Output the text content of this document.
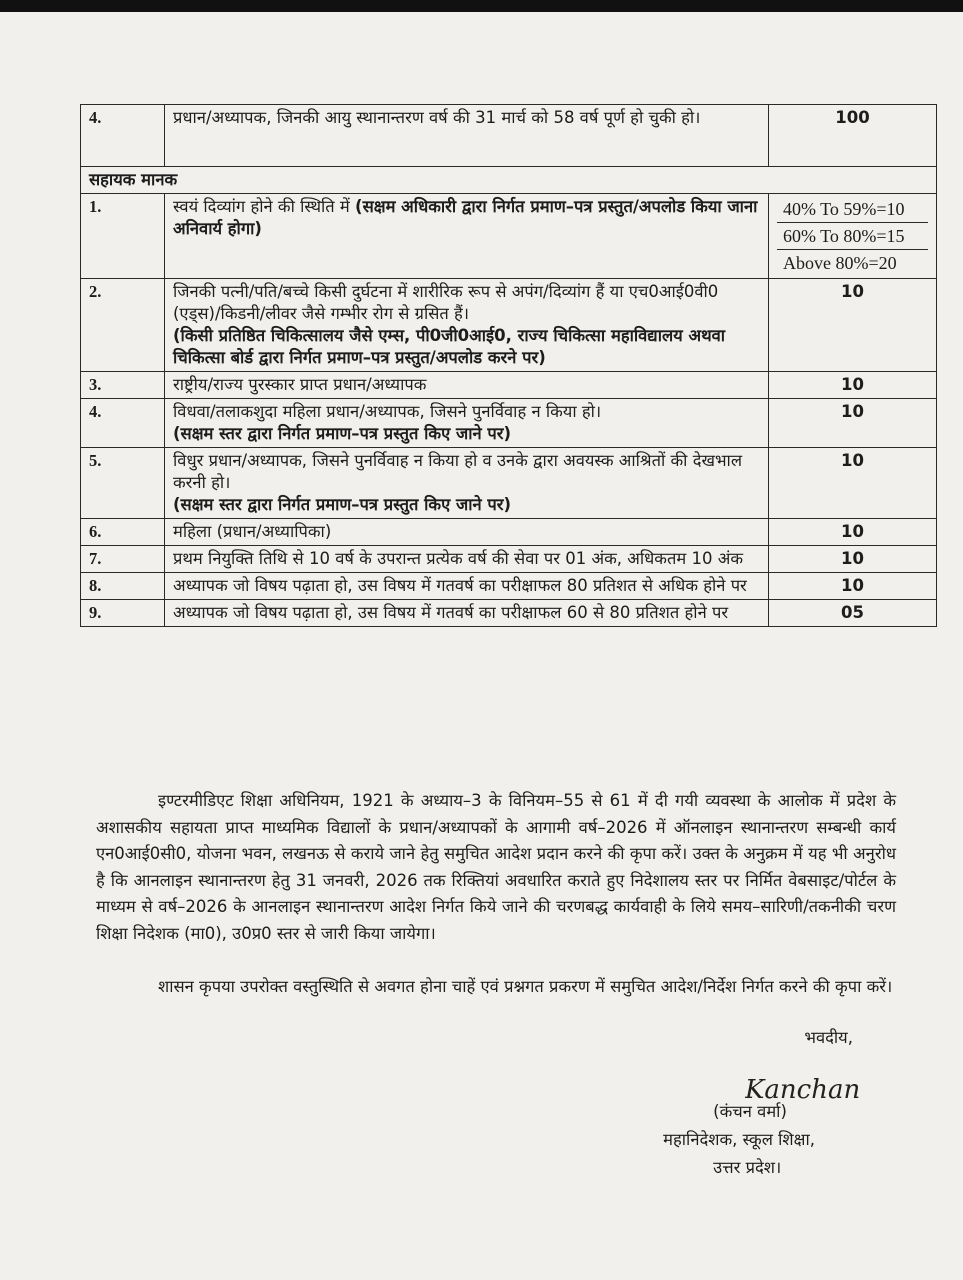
4.	प्रधान/अध्यापक, जिनकी आयु स्थानान्तरण वर्ष की 31 मार्च को 58 वर्ष पूर्ण हो चुकी हो।	100
सहायक मानक		
1.	स्वयं दिव्यांग होने की स्थिति में (सक्षम अधिकारी द्वारा निर्गत प्रमाण–पत्र प्रस्तुत/अपलोड किया जाना अनिवार्य होगा)	40% To 59%=10
60% To 80%=15
Above 80%=20

2.	जिनकी पत्नी/पति/बच्चे किसी दुर्घटना में शारीरिक रूप से अपंग/दिव्यांग हैं या एच0आई0वी0 (एड्स)/किडनी/लीवर जैसे गम्भीर रोग से ग्रसित हैं।
(किसी प्रतिष्ठित चिकित्सालय जैसे एम्स, पी0जी0आई0, राज्य चिकित्सा महाविद्यालय अथवा चिकित्सा बोर्ड द्वारा निर्गत प्रमाण–पत्र प्रस्तुत/अपलोड करने पर)	10
3.	राष्ट्रीय/राज्य पुरस्कार प्राप्त प्रधान/अध्यापक	10
4.	विधवा/तलाकशुदा महिला प्रधान/अध्यापक, जिसने पुनर्विवाह न किया हो।
(सक्षम स्तर द्वारा निर्गत प्रमाण–पत्र प्रस्तुत किए जाने पर)	10
5.	विधुर प्रधान/अध्यापक, जिसने पुनर्विवाह न किया हो व उनके द्वारा अवयस्क आश्रितों की देखभाल करनी हो।
(सक्षम स्तर द्वारा निर्गत प्रमाण–पत्र प्रस्तुत किए जाने पर)	10
6.	महिला (प्रधान/अध्यापिका)	10
7.	प्रथम नियुक्ति तिथि से 10 वर्ष के उपरान्त प्रत्येक वर्ष की सेवा पर 01 अंक, अधिकतम 10 अंक	10
8.	अध्यापक जो विषय पढ़ाता हो, उस विषय में गतवर्ष का परीक्षाफल 80 प्रतिशत से अधिक होने पर	10
9.	अध्यापक जो विषय पढ़ाता हो, उस विषय में गतवर्ष का परीक्षाफल 60 से 80 प्रतिशत होने पर	05
इण्टरमीडिएट शिक्षा अधिनियम, 1921 के अध्याय–3 के विनियम–55 से 61 में दी गयी व्यवस्था के आलोक में प्रदेश के अशासकीय सहायता प्राप्त माध्यमिक विद्यालों के प्रधान/अध्यापकों के आगामी वर्ष–2026 में ऑनलाइन स्थानान्तरण सम्बन्धी कार्य एन0आई0सी0, योजना भवन, लखनऊ से कराये जाने हेतु समुचित आदेश प्रदान करने की कृपा करें। उक्त के अनुक्रम में यह भी अनुरोध है कि आनलाइन स्थानान्तरण हेतु 31 जनवरी, 2026 तक रिक्तियां अवधारित कराते हुए निदेशालय स्तर पर निर्मित वेबसाइट/पोर्टल के माध्यम से वर्ष–2026 के आनलाइन स्थानान्तरण आदेश निर्गत किये जाने की चरणबद्ध कार्यवाही के लिये समय–सारिणी/तकनीकी चरण शिक्षा निदेशक (मा0), उ0प्र0 स्तर से जारी किया जायेगा।
शासन कृपया उपरोक्त वस्तुस्थिति से अवगत होना चाहें एवं प्रश्नगत प्रकरण में समुचित आदेश/निर्देश निर्गत करने की कृपा करें।
भवदीय,
Kanchan
(कंचन वर्मा)
महानिदेशक, स्कूल शिक्षा,
उत्तर प्रदेश।
